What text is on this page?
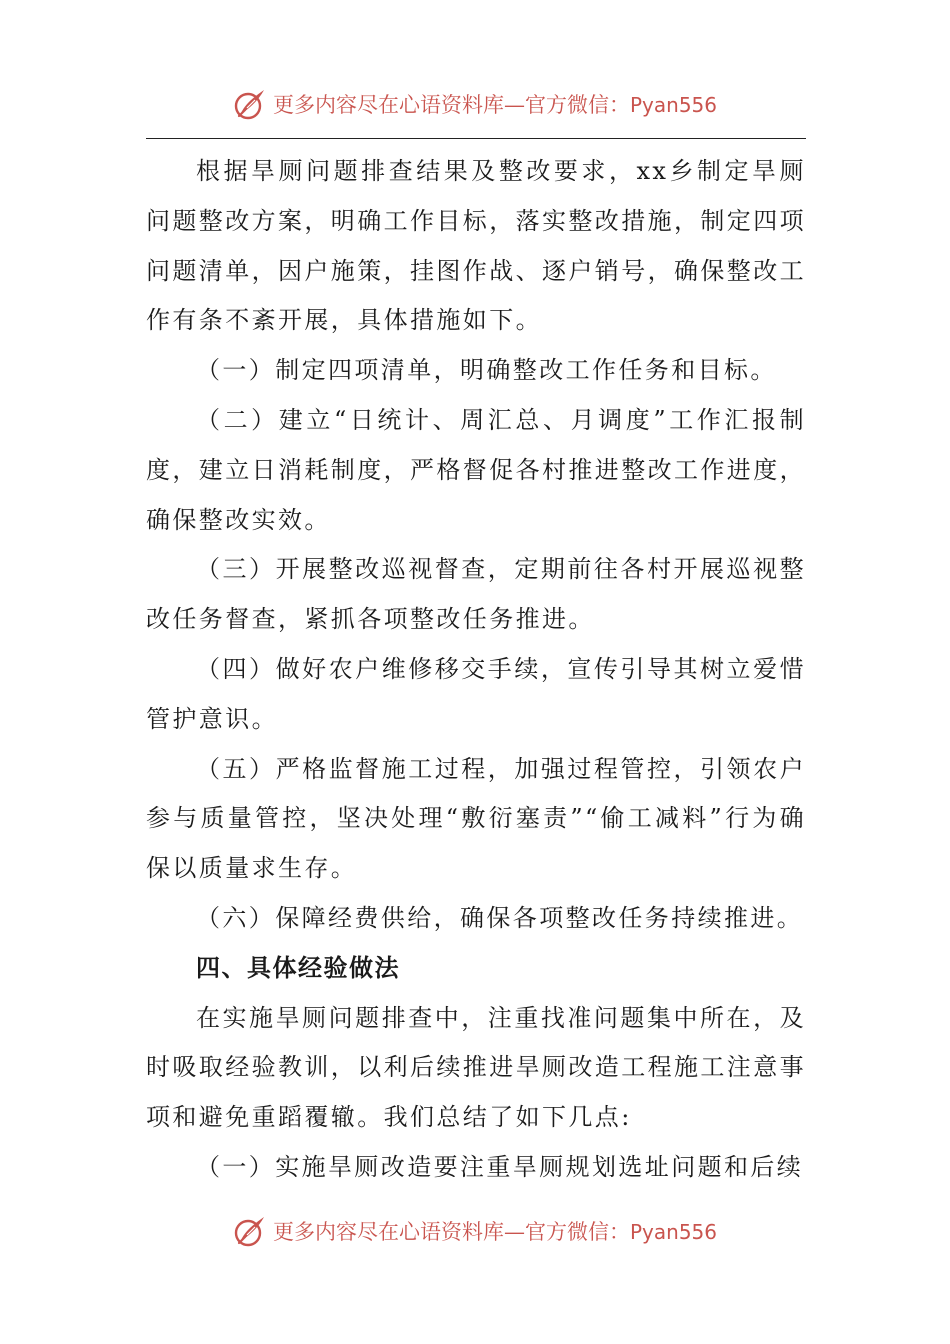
更多内容尽在心语资料库—官方微信：Pyan556

根据旱厕问题排查结果及整改要求，xx乡制定旱厕问题整改方案，明确工作目标，落实整改措施，制定四项问题清单，因户施策，挂图作战、逐户销号，确保整改工作有条不紊开展，具体措施如下。

（一）制定四项清单，明确整改工作任务和目标。

（二）建立“日统计、周汇总、月调度”工作汇报制度，建立日消耗制度，严格督促各村推进整改工作进度，确保整改实效。

（三）开展整改巡视督查，定期前往各村开展巡视整改任务督查，紧抓各项整改任务推进。

（四）做好农户维修移交手续，宣传引导其树立爱惜管护意识。

（五）严格监督施工过程，加强过程管控，引领农户参与质量管控，坚决处理“敷衍塞责”“偷工减料”行为确保以质量求生存。

（六）保障经费供给，确保各项整改任务持续推进。

四、具体经验做法

在实施旱厕问题排查中，注重找准问题集中所在，及时吸取经验教训，以利后续推进旱厕改造工程施工注意事项和避免重蹈覆辙。我们总结了如下几点:

（一）实施旱厕改造要注重旱厕规划选址问题和后续

更多内容尽在心语资料库—官方微信：Pyan556
